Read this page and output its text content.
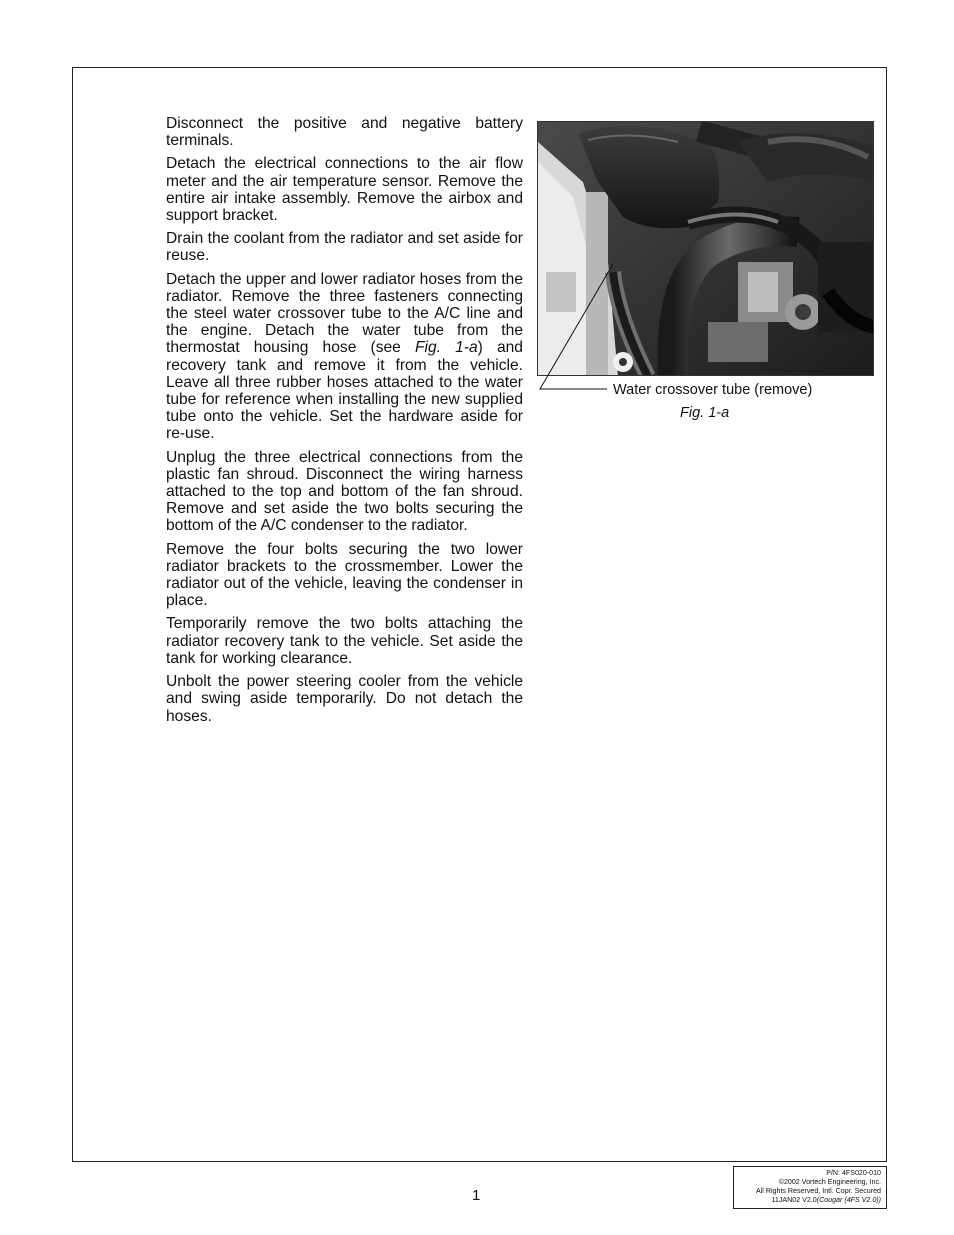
Disconnect the positive and negative battery terminals.
Detach the electrical connections to the air flow meter and the air temperature sensor. Remove the entire air intake assembly. Remove the airbox and support bracket.
Drain the coolant from the radiator and set aside for reuse.
Detach the upper and lower radiator hoses from the radiator. Remove the three fasteners connecting the steel water crossover tube to the A/C line and the engine. Detach the water tube from the thermostat housing hose (see Fig. 1-a) and recovery tank and remove it from the vehicle. Leave all three rubber hoses attached to the water tube for reference when installing the new supplied tube onto the vehicle. Set the hardware aside for re-use.
Unplug the three electrical connections from the plastic fan shroud. Disconnect the wiring harness attached to the top and bottom of the fan shroud. Remove and set aside the two bolts securing the bottom of the A/C condenser to the radiator.
Remove the four bolts securing the two lower radiator brackets to the crossmember. Lower the radiator out of the vehicle, leaving the condenser in place.
Temporarily remove the two bolts attaching the radiator recovery tank to the vehicle. Set aside the tank for working clearance.
Unbolt the power steering cooler from the vehicle and swing aside temporarily. Do not detach the hoses.
Water crossover tube (remove)
Fig. 1-a
1
P/N: 4FS020-010
©2002 Vortech Engineering, Inc.
All Rights Reserved, Intl. Copr. Secured
11JAN02 V2.0(Cougar (4FS V2.0))
